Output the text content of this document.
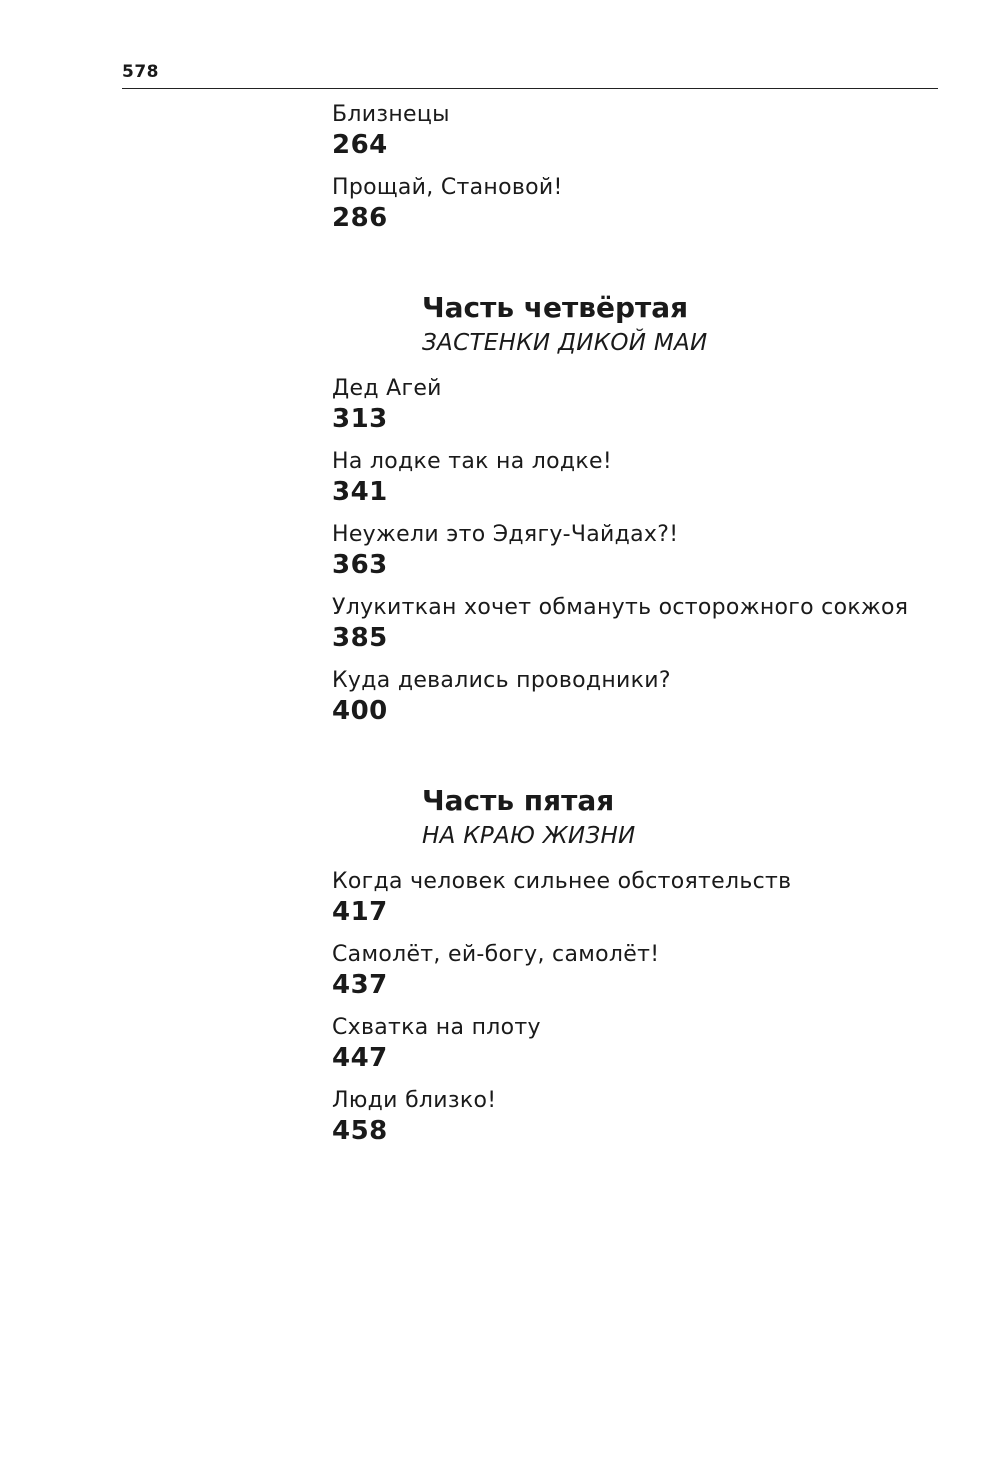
578
Близнецы
264
Прощай, Становой!
286
Часть четвёртая
ЗАСТЕНКИ ДИКОЙ МАИ
Дед Агей
313
На лодке так на лодке!
341
Неужели это Эдягу-Чайдах?!
363
Улукиткан хочет обмануть осторожного сокжоя
385
Куда девались проводники?
400
Часть пятая
НА КРАЮ ЖИЗНИ
Когда человек сильнее обстоятельств
417
Самолёт, ей-богу, самолёт!
437
Схватка на плоту
447
Люди близко!
458
